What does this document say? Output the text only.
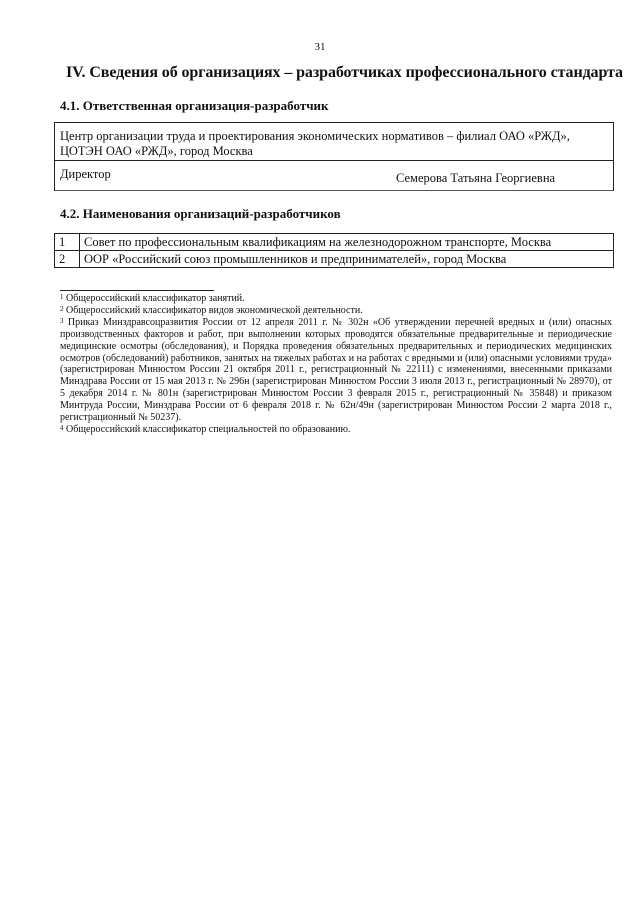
31
IV. Сведения об организациях – разработчиках профессионального стандарта
4.1. Ответственная организация-разработчик
Центр организации труда и проектирования экономических нормативов – филиал ОАО «РЖД», ЦОТЭН ОАО «РЖД», город Москва
Директор	Семерова Татьяна Георгиевна
4.2. Наименования организаций-разработчиков
1	Совет по профессиональным квалификациям на железнодорожном транспорте, Москва
2	ООР «Российский союз промышленников и предпринимателей», город Москва

$^1$ Общероссийский классификатор занятий.

$^2$ Общероссийский классификатор видов экономической деятельности.

$^3$ Приказ Минздравсоцразвития России от 12 апреля 2011 г. № 302н «Об утверждении перечней вредных и (или) опасных производственных факторов и работ, при выполнении которых проводятся обязательные предварительные и периодические медицинские осмотры (обследования), и Порядка проведения обязательных предварительных и периодических медицинских осмотров (обследований) работников, занятых на тяжелых работах и на работах с вредными и (или) опасными условиями труда» (зарегистрирован Минюстом России 21 октября 2011 г., регистрационный № 22111) с изменениями, внесенными приказами Минздрава России от 15 мая 2013 г. № 296н (зарегистрирован Минюстом России 3 июля 2013 г., регистрационный № 28970), от 5 декабря 2014 г. № 801н (зарегистрирован Минюстом России 3 февраля 2015 г., регистрационный № 35848) и приказом Минтруда России, Минздрава России от 6 февраля 2018 г. № 62н/49н (зарегистрирован Минюстом России 2 марта 2018 г., регистрационный № 50237).

$^4$ Общероссийский классификатор специальностей по образованию.
